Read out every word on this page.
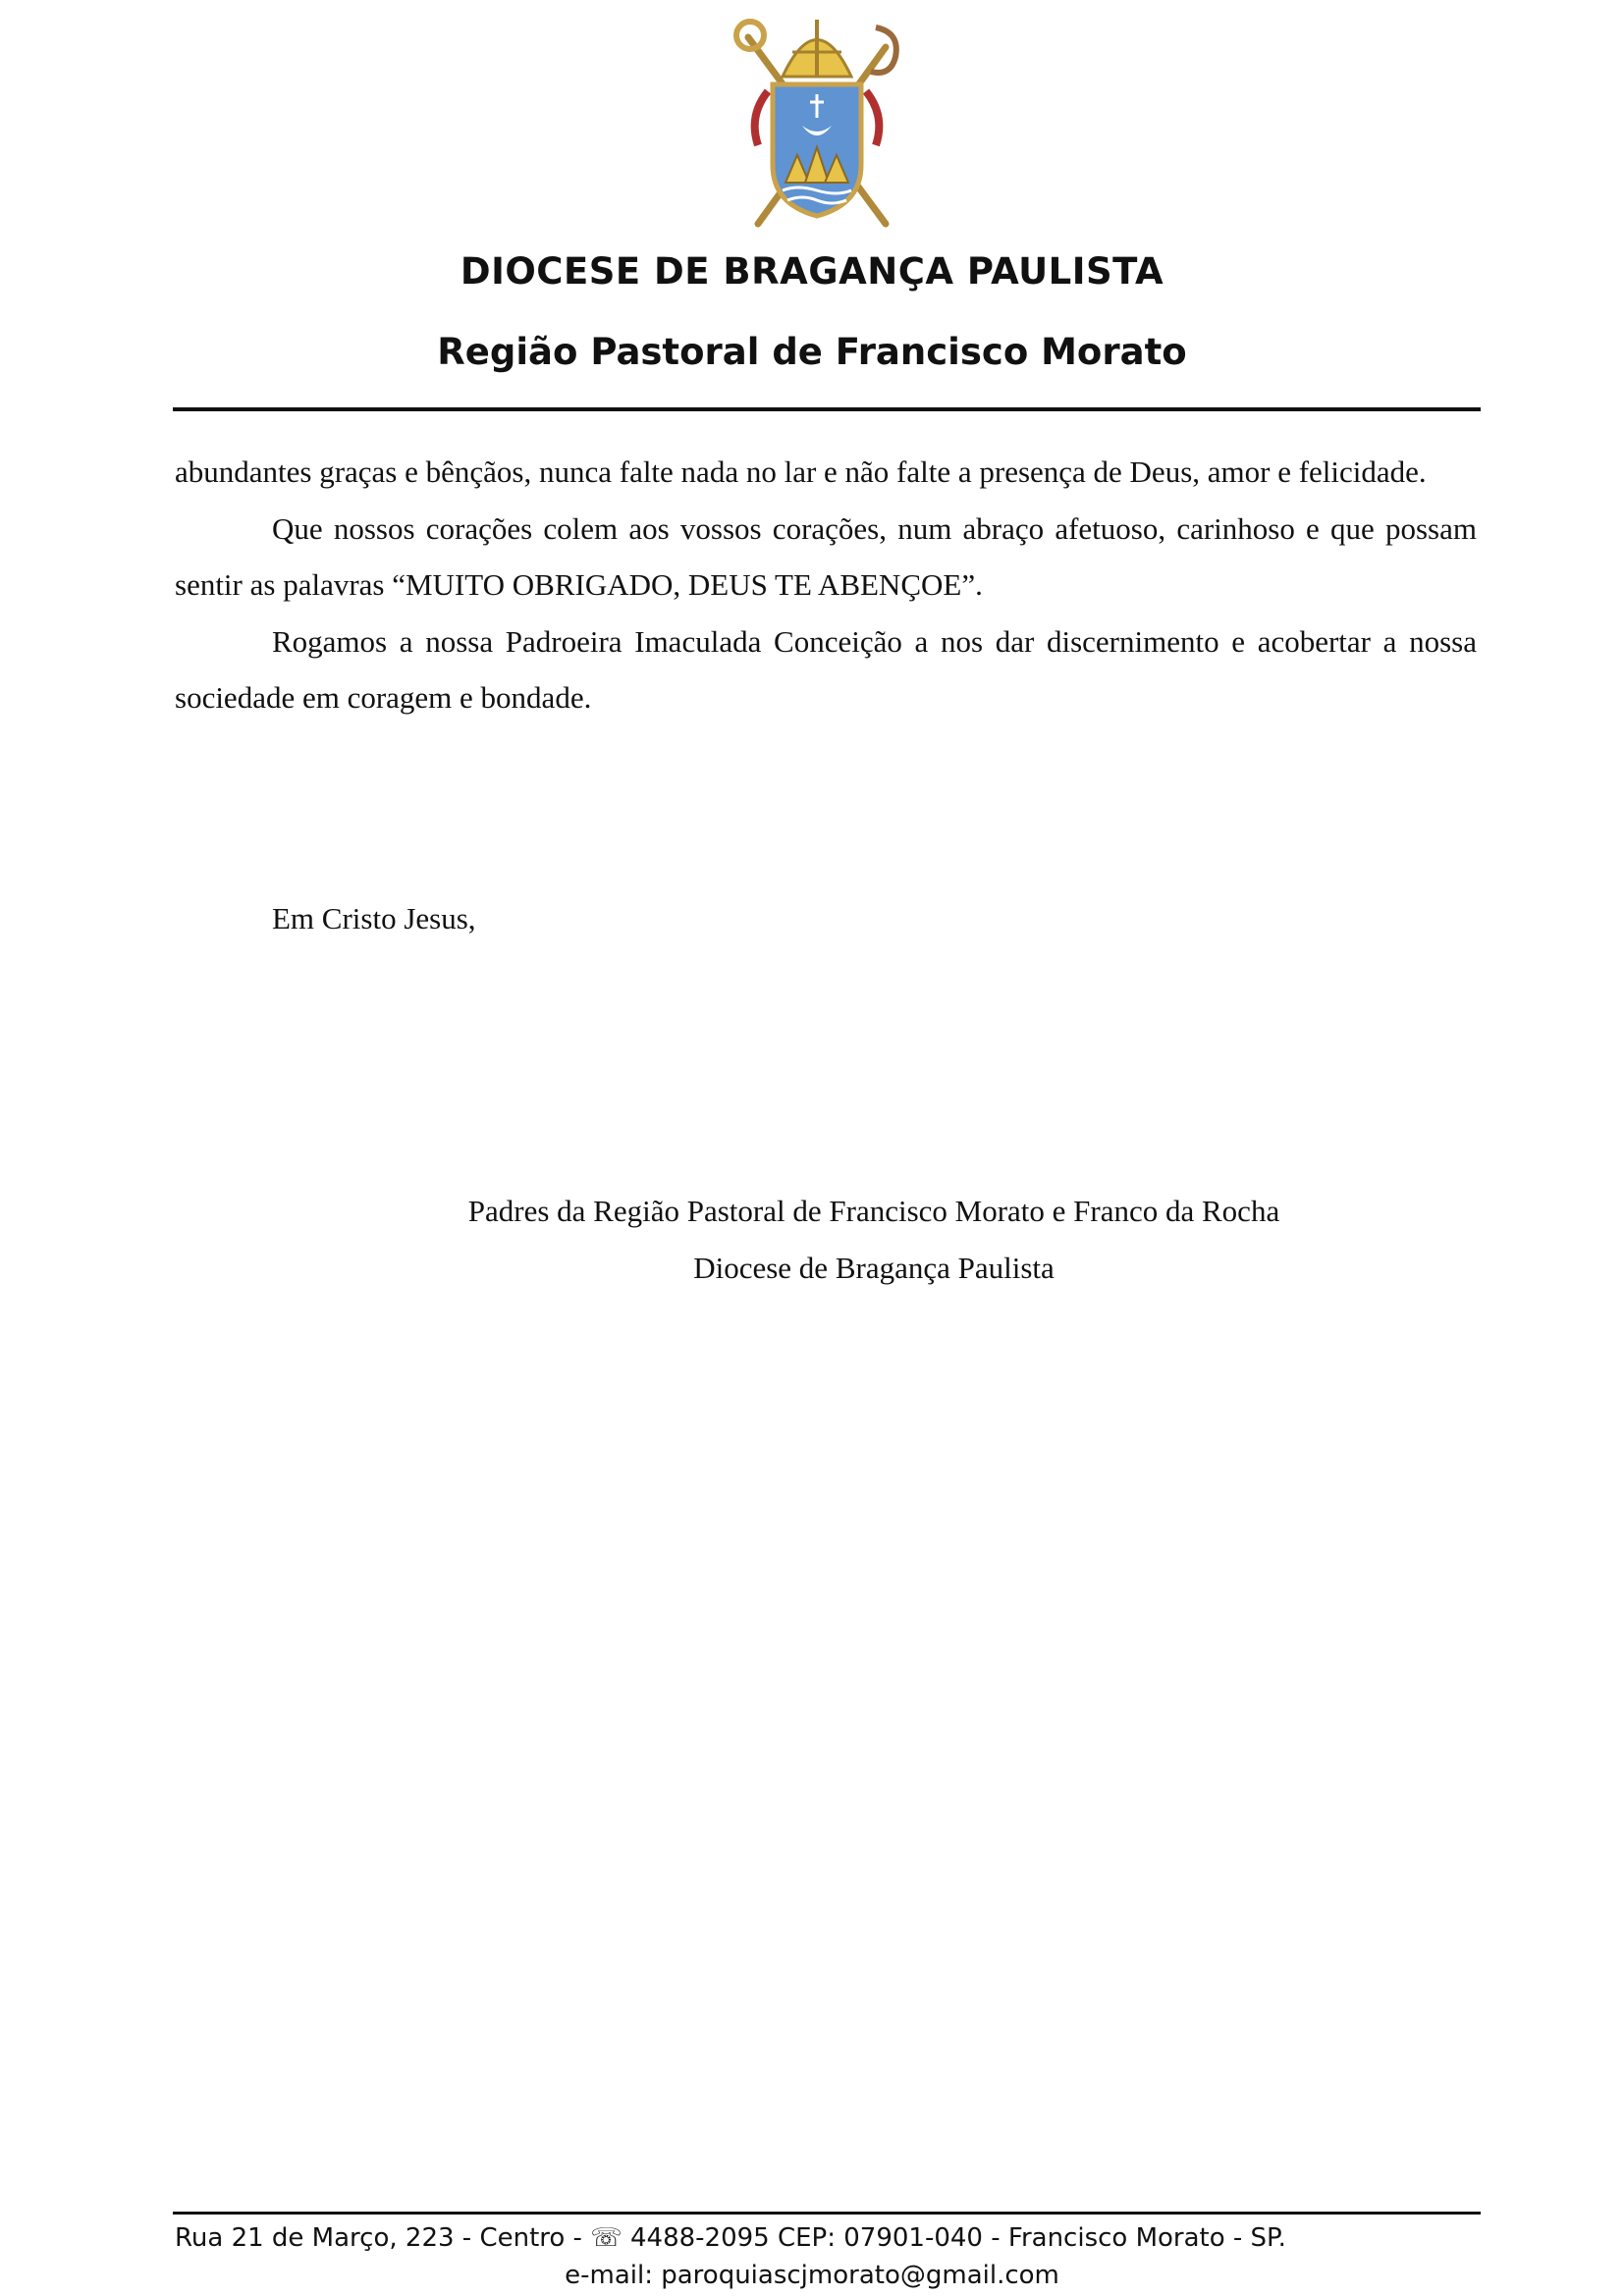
DIOCESE DE BRAGANÇA PAULISTA
Região Pastoral de Francisco Morato

abundantes graças e bênçãos, nunca falte nada no lar e não falte a presença de Deus, amor e felicidade.

Que nossos corações colem aos vossos corações, num abraço afetuoso, carinhoso e que possam sentir as palavras “MUITO OBRIGADO, DEUS TE ABENÇOE”.

Rogamos a nossa Padroeira Imaculada Conceição a nos dar discernimento e acobertar a nossa sociedade em coragem e bondade.

Em Cristo Jesus,
Padres da Região Pastoral de Francisco Morato e Franco da Rocha
Diocese de Bragança Paulista
Rua 21 de Março, 223 - Centro - ☏ 4488-2095 CEP: 07901-040 - Francisco Morato - SP.
e-mail: paroquiascjmorato@gmail.com
